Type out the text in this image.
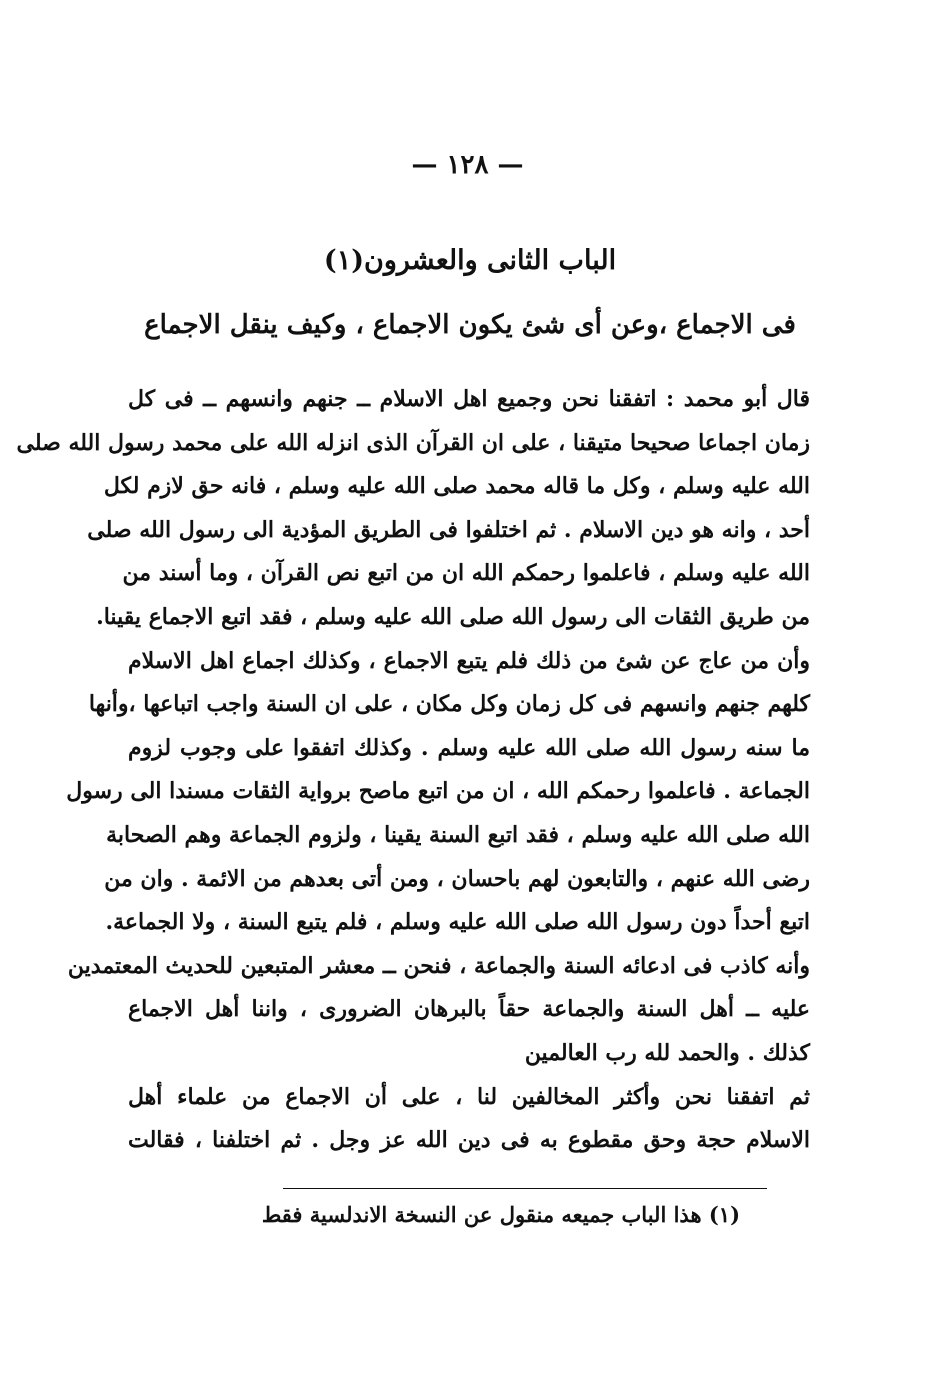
— ١٢٨ —
الباب الثانى والعشرون(١)
فى الاجماع ،وعن أى شئ يكون الاجماع ، وكيف ينقل الاجماع
قال أبو محمد : اتفقنا نحن وجميع اهل الاسلام ــ جنهم وانسهم ــ فى كل
زمان اجماعا صحيحا متيقنا ، على ان القرآن الذى انزله الله على محمد رسول الله صلى
الله عليه وسلم ، وكل ما قاله محمد صلى الله عليه وسلم ، فانه حق لازم لكل
أحد ، وانه هو دين الاسلام . ثم اختلفوا فى الطريق المؤدية الى رسول الله صلى
الله عليه وسلم ، فاعلموا رحمكم الله ان من اتبع نص القرآن ، وما أسند من
من طريق الثقات الى رسول الله صلى الله عليه وسلم ، فقد اتبع الاجماع يقينا.
وأن من عاج عن شئ من ذلك فلم يتبع الاجماع ، وكذلك اجماع اهل الاسلام
كلهم جنهم وانسهم فى كل زمان وكل مكان ، على ان السنة واجب اتباعها ،وأنها
ما سنه رسول الله صلى الله عليه وسلم . وكذلك اتفقوا على وجوب لزوم
الجماعة . فاعلموا رحمكم الله ، ان من اتبع ماصح برواية الثقات مسندا الى رسول
الله صلى الله عليه وسلم ، فقد اتبع السنة يقينا ، ولزوم الجماعة وهم الصحابة
رضى الله عنهم ، والتابعون لهم باحسان ، ومن أتى بعدهم من الائمة . وان من
اتبع أحداً دون رسول الله صلى الله عليه وسلم ، فلم يتبع السنة ، ولا الجماعة.
وأنه كاذب فى ادعائه السنة والجماعة ، فنحن ــ معشر المتبعين للحديث المعتمدين
عليه ــ أهل السنة والجماعة حقاً بالبرهان الضرورى ، واننا أهل الاجماع
كذلك . والحمد لله رب العالمين
ثم اتفقنا نحن وأكثر المخالفين لنا ، على أن الاجماع من علماء أهل
الاسلام حجة وحق مقطوع به فى دين الله عز وجل . ثم اختلفنا ، فقالت
(١) هذا الباب جميعه منقول عن النسخة الاندلسية فقط
